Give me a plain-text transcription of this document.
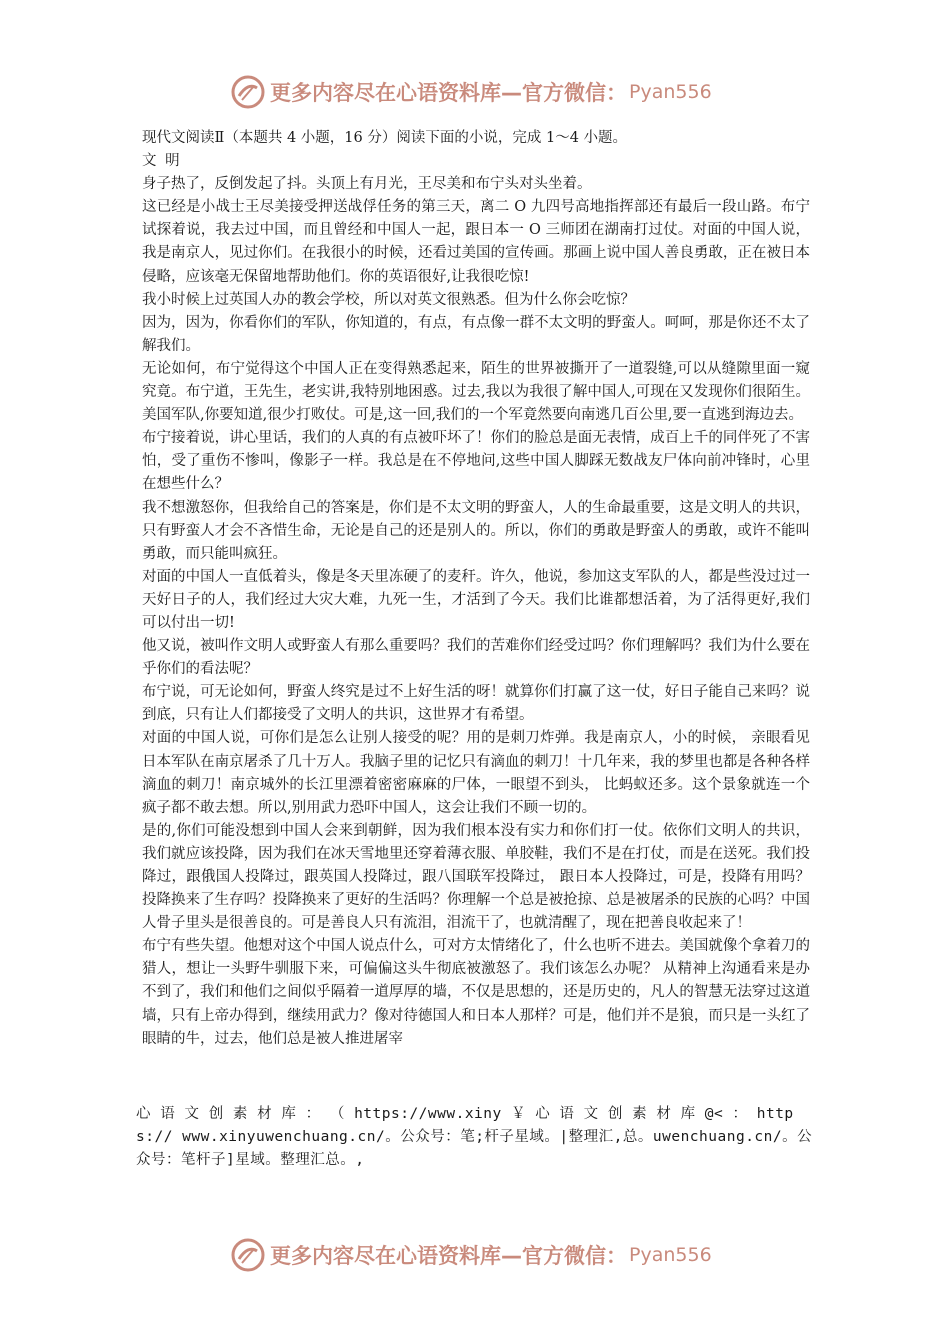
更多内容尽在心语资料库—官方微信： Pyan556

现代文阅读Ⅱ（本题共 4 小题，16 分）阅读下面的小说，完成 1～4 小题。

文 明

身子热了，反倒发起了抖。头顶上有月光，王尽美和布宁头对头坐着。

这已经是小战士王尽美接受押送战俘任务的第三天，离二 O 九四号高地指挥部还有最后一段山路。布宁试探着说，我去过中国，而且曾经和中国人一起，跟日本一 O 三师团在湖南打过仗。对面的中国人说，我是南京人，见过你们。在我很小的时候，还看过美国的宣传画。那画上说中国人善良勇敢，正在被日本侵略，应该毫无保留地帮助他们。你的英语很好,让我很吃惊!

我小时候上过英国人办的教会学校，所以对英文很熟悉。但为什么你会吃惊？

因为，因为，你看你们的军队，你知道的，有点，有点像一群不太文明的野蛮人。呵呵，那是你还不太了解我们。

无论如何，布宁觉得这个中国人正在变得熟悉起来，陌生的世界被撕开了一道裂缝,可以从缝隙里面一窥究竟。布宁道，王先生，老实讲,我特别地困惑。过去,我以为我很了解中国人,可现在又发现你们很陌生。美国军队,你要知道,很少打败仗。可是,这一回,我们的一个军竟然要向南逃几百公里,要一直逃到海边去。

布宁接着说，讲心里话，我们的人真的有点被吓坏了！你们的脸总是面无表情，成百上千的同伴死了不害怕，受了重伤不惨叫，像影子一样。我总是在不停地问,这些中国人脚踩无数战友尸体向前冲锋时，心里在想些什么？

我不想激怒你，但我给自己的答案是，你们是不太文明的野蛮人，人的生命最重要，这是文明人的共识，只有野蛮人才会不吝惜生命，无论是自己的还是别人的。所以，你们的勇敢是野蛮人的勇敢，或许不能叫勇敢，而只能叫疯狂。

对面的中国人一直低着头，像是冬天里冻硬了的麦秆。许久，他说，参加这支军队的人，都是些没过过一天好日子的人，我们经过大灾大难，九死一生，才活到了今天。我们比谁都想活着，为了活得更好,我们可以付出一切!

他又说，被叫作文明人或野蛮人有那么重要吗？我们的苦难你们经受过吗？你们理解吗？我们为什么要在乎你们的看法呢？

布宁说，可无论如何，野蛮人终究是过不上好生活的呀！就算你们打赢了这一仗，好日子能自己来吗？说到底，只有让人们都接受了文明人的共识，这世界才有希望。

对面的中国人说，可你们是怎么让别人接受的呢？用的是刺刀炸弹。我是南京人，小的时候， 亲眼看见日本军队在南京屠杀了几十万人。我脑子里的记忆只有滴血的刺刀！十几年来，我的梦里也都是各种各样滴血的刺刀！南京城外的长江里漂着密密麻麻的尸体，一眼望不到头， 比蚂蚁还多。这个景象就连一个疯子都不敢去想。所以,别用武力恐吓中国人，这会让我们不顾一切的。

是的,你们可能没想到中国人会来到朝鲜，因为我们根本没有实力和你们打一仗。依你们文明人的共识，我们就应该投降，因为我们在冰天雪地里还穿着薄衣服、单胶鞋，我们不是在打仗，而是在送死。我们投降过，跟俄国人投降过，跟英国人投降过，跟八国联军投降过， 跟日本人投降过，可是，投降有用吗？投降换来了生存吗？投降换来了更好的生活吗？你理解一个总是被抢掠、总是被屠杀的民族的心吗？中国人骨子里头是很善良的。可是善良人只有流泪，泪流干了，也就清醒了，现在把善良收起来了！

布宁有些失望。他想对这个中国人说点什么，可对方太情绪化了，什么也听不进去。美国就像个拿着刀的猎人，想让一头野牛驯服下来，可偏偏这头牛彻底被激怒了。我们该怎么办呢？ 从精神上沟通看来是办不到了，我们和他们之间似乎隔着一道厚厚的墙，不仅是思想的，还是历史的，凡人的智慧无法穿过这道墙，只有上帝办得到，继续用武力？像对待德国人和日本人那样？可是，他们并不是狼，而只是一头红了眼睛的牛，过去，他们总是被人推进屠宰

心 语 文 创 素 材 库 ： （ https://www.xiny ￥ 心 语 文 创 素 材 库 @< ： https:// www.xinyuwenchuang.cn/。公众号：笔;杆子星域。|整理汇,总。uwenchuang.cn/。公众号：笔杆子]星域。整理汇总。,
更多内容尽在心语资料库—官方微信： Pyan556
